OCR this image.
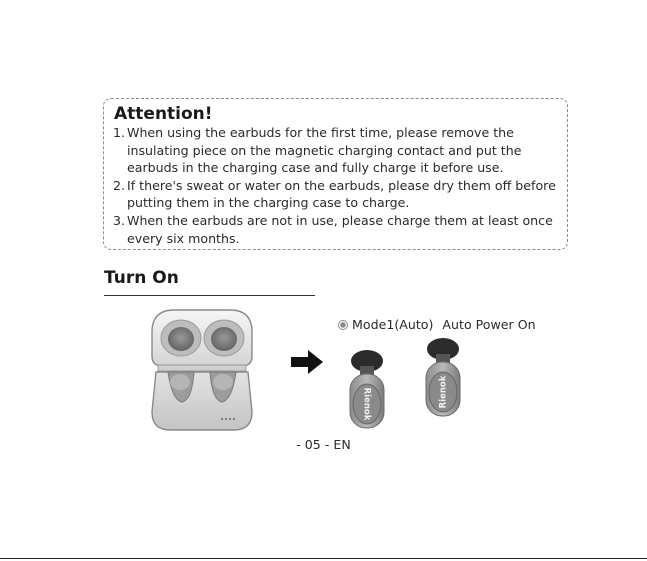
Attention!
1. When using the earbuds for the first time, please remove the insulating piece on the magnetic charging contact and put the earbuds in the charging case and fully charge it before use.
2. If there's sweat or water on the earbuds, please dry them off before putting them in the charging case to charge.
3. When the earbuds are not in use, please charge them at least once every six months.
Turn On
Mode1(Auto) Auto Power On
Rienok	Rienok
- 05 - EN
